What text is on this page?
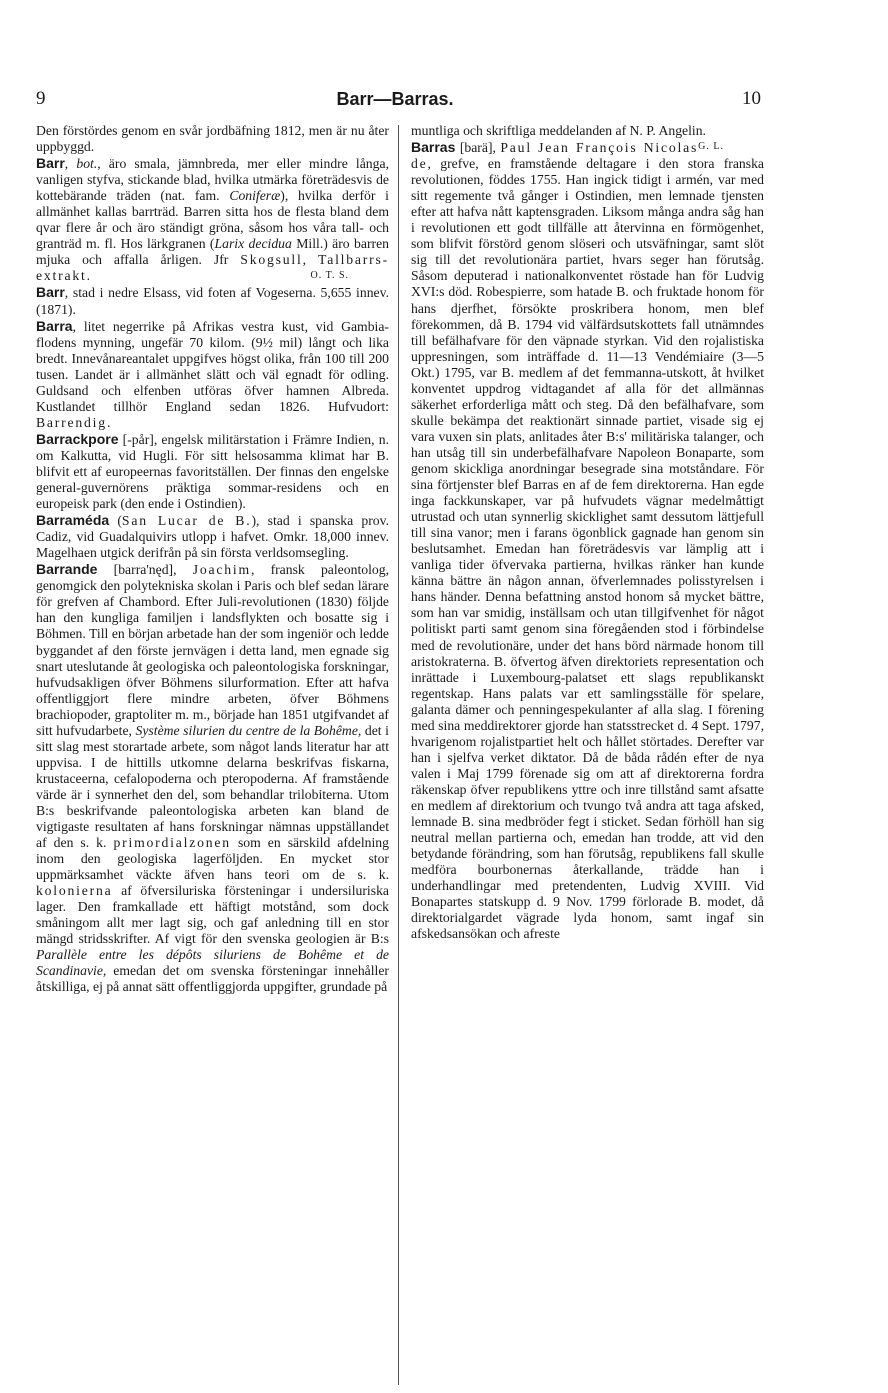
9	Barr—Barras.	10

Den förstördes genom en svår jordbäfning 1812, men är nu åter uppbyggd.

Barr, bot., äro smala, jämnbreda, mer eller mindre långa, vanligen styfva, stickande blad, hvilka utmärka företrädesvis de kottebärande träden (nat. fam. Coniferæ), hvilka derför i allmänhet kallas barrträd. Barren sitta hos de flesta bland dem qvar flere år och äro ständigt gröna, såsom hos våra tall- och granträd m. fl. Hos lärkgranen (Larix decidua Mill.) äro barren mjuka och affalla årligen. Jfr Skogsull, Tallbarrs-extrakt.	O. T. S.

Barr, stad i nedre Elsass, vid foten af Vogeserna. 5,655 innev. (1871).

Barra, litet negerrike på Afrikas vestra kust, vid Gambia-flodens mynning, ungefär 70 kilom. (9½ mil) långt och lika bredt. Innevånareantalet uppgifves högst olika, från 100 till 200 tusen. Landet är i allmänhet slätt och väl egnadt för odling. Guldsand och elfenben utföras öfver hamnen Albreda. Kustlandet tillhör England sedan 1826. Hufvudort: Barrendig.

Barrackpore [-pår], engelsk militärstation i Främre Indien, n. om Kalkutta, vid Hugli. För sitt helsosamma klimat har B. blifvit ett af europeernas favoritställen. Der finnas den engelske general-guvernörens präktiga sommar-residens och en europeisk park (den ende i Ostindien).

Barraméda (San Lucar de B.), stad i spanska prov. Cadiz, vid Guadalquivirs utlopp i hafvet. Omkr. 18,000 innev. Magelhaen utgick derifrån på sin första verldsomsegling.

Barrande [barra'nęd], Joachim, fransk paleontolog, genomgick den polytekniska skolan i Paris och blef sedan lärare för grefven af Chambord. Efter Juli-revolutionen (1830) följde han den kungliga familjen i landsflykten och bosatte sig i Böhmen. Till en början arbetade han der som ingeniör och ledde byggandet af den förste jernvägen i detta land, men egnade sig snart uteslutande åt geologiska och paleontologiska forskningar, hufvudsakligen öfver Böhmens silurformation. Efter att hafva offentliggjort flere mindre arbeten, öfver Böhmens brachiopoder, graptoliter m. m., började han 1851 utgifvandet af sitt hufvudarbete, Système silurien du centre de la Bohême, det i sitt slag mest storartade arbete, som något lands literatur har att uppvisa. I de hittills utkomne delarna beskrifvas fiskarna, krustaceerna, cefalopoderna och pteropoderna. Af framstående värde är i synnerhet den del, som behandlar trilobiterna. Utom B:s beskrifvande paleontologiska arbeten kan bland de vigtigaste resultaten af hans forskningar nämnas uppställandet af den s. k. primordialzonen som en särskild afdelning inom den geologiska lagerföljden. En mycket stor uppmärksamhet väckte äfven hans teori om de s. k. kolonierna af öfversiluriska försteningar i undersiluriska lager. Den framkallade ett häftigt motstånd, som dock småningom allt mer lagt sig, och gaf anledning till en stor mängd stridsskrifter. Af vigt för den svenska geologien är B:s Parallèle entre les dépôts siluriens de Bohême et de Scandinavie, emedan det om svenska försteningar innehåller åtskilliga, ej på annat sätt offentliggjorda uppgifter, grundade på

muntliga och skriftliga meddelanden af N. P. Angelin.
G. L.

Barras [barä], Paul Jean François Nicolas de, grefve, en framstående deltagare i den stora franska revolutionen, föddes 1755. Han ingick tidigt i armén, var med sitt regemente två gånger i Ostindien, men lemnade tjensten efter att hafva nått kaptensgraden. Liksom många andra såg han i revolutionen ett godt tillfälle att återvinna en förmögenhet, som blifvit förstörd genom slöseri och utsväfningar, samt slöt sig till det revolutionära partiet, hvars seger han förutsåg. Såsom deputerad i nationalkonventet röstade han för Ludvig XVI:s död. Robespierre, som hatade B. och fruktade honom för hans djerfhet, försökte proskribera honom, men blef förekommen, då B. 1794 vid välfärdsutskottets fall utnämndes till befälhafvare för den väpnade styrkan. Vid den rojalistiska uppresningen, som inträffade d. 11—13 Vendémiaire (3—5 Okt.) 1795, var B. medlem af det femmanna-utskott, åt hvilket konventet uppdrog vidtagandet af alla för det allmännas säkerhet erforderliga mått och steg. Då den befälhafvare, som skulle bekämpa det reaktionärt sinnade partiet, visade sig ej vara vuxen sin plats, anlitades åter B:s' militäriska talanger, och han utsåg till sin underbefälhafvare Napoleon Bonaparte, som genom skickliga anordningar besegrade sina motståndare. För sina förtjenster blef Barras en af de fem direktorerna. Han egde inga fackkunskaper, var på hufvudets vägnar medelmåttigt utrustad och utan synnerlig skicklighet samt dessutom lättjefull till sina vanor; men i farans ögonblick gagnade han genom sin beslutsamhet. Emedan han företrädesvis var lämplig att i vanliga tider öfvervaka partierna, hvilkas ränker han kunde känna bättre än någon annan, öfverlemnades polisstyrelsen i hans händer. Denna befattning anstod honom så mycket bättre, som han var smidig, inställsam och utan tillgifvenhet för något politiskt parti samt genom sina föregåenden stod i förbindelse med de revolutionäre, under det hans börd närmade honom till aristokraterna. B. öfvertog äfven direktoriets representation och inrättade i Luxembourg-palatset ett slags republikanskt regentskap. Hans palats var ett samlingsställe för spelare, galanta dämer och penningespekulanter af alla slag. I förening med sina meddirektorer gjorde han statsstrecket d. 4 Sept. 1797, hvarigenom rojalistpartiet helt och hållet störtades. Derefter var han i sjelfva verket diktator. Då de båda rådén efter de nya valen i Maj 1799 förenade sig om att af direktorerna fordra räkenskap öfver republikens yttre och inre tillstånd samt afsatte en medlem af direktorium och tvungo två andra att taga afsked, lemnade B. sina medbröder fegt i sticket. Sedan förhöll han sig neutral mellan partierna och, emedan han trodde, att vid den betydande förändring, som han förutsåg, republikens fall skulle medföra bourbonernas återkallande, trädde han i underhandlingar med pretendenten, Ludvig XVIII. Vid Bonapartes statskupp d. 9 Nov. 1799 förlorade B. modet, då direktorialgardet vägrade lyda honom, samt ingaf sin afskedsansökan och afreste
